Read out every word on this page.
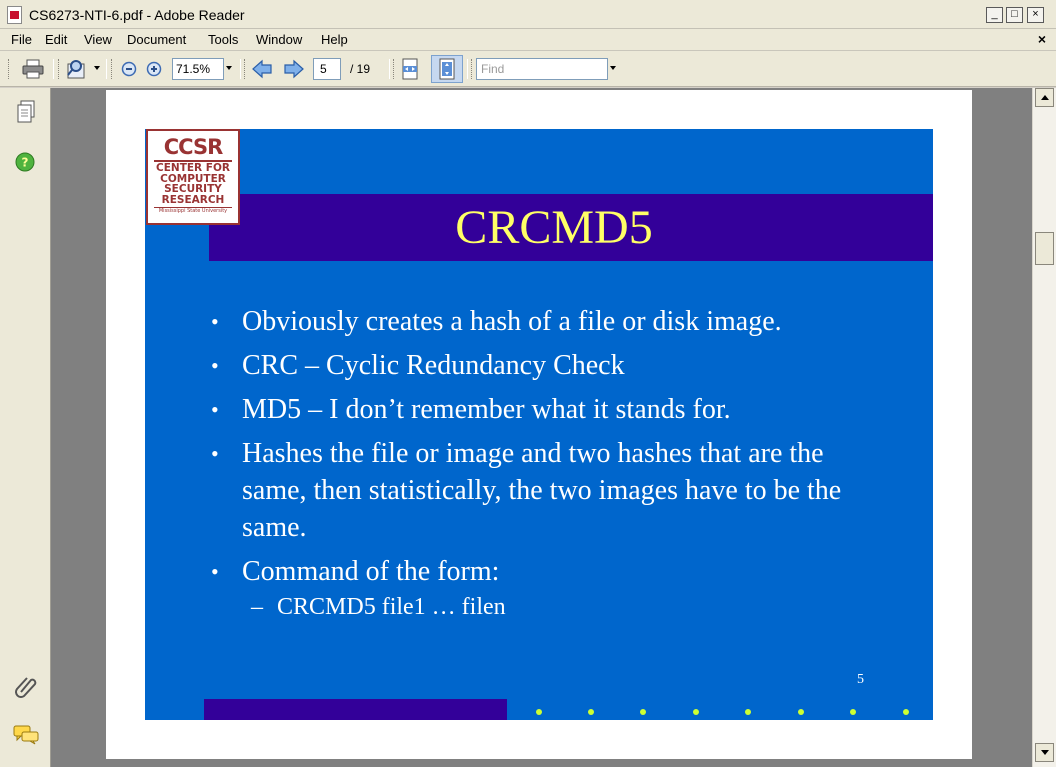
CS6273-NTI-6.pdf - Adobe Reader	_	□	×
File Edit View Document Tools Window Help	×
71.5%	5	/ 19	Find
?
CRCMD5
CCSR
CENTER FOR
COMPUTER
SECURITY
RESEARCH
Mississippi State University
• Obviously creates a hash of a file or disk image.
• CRC – Cyclic Redundancy Check
• MD5 – I don’t remember what it stands for.
• Hashes the file or image and two hashes that are the same, then statistically, the two images have to be the same.
• Command of the form:
– CRCMD5 file1 … filen
5
